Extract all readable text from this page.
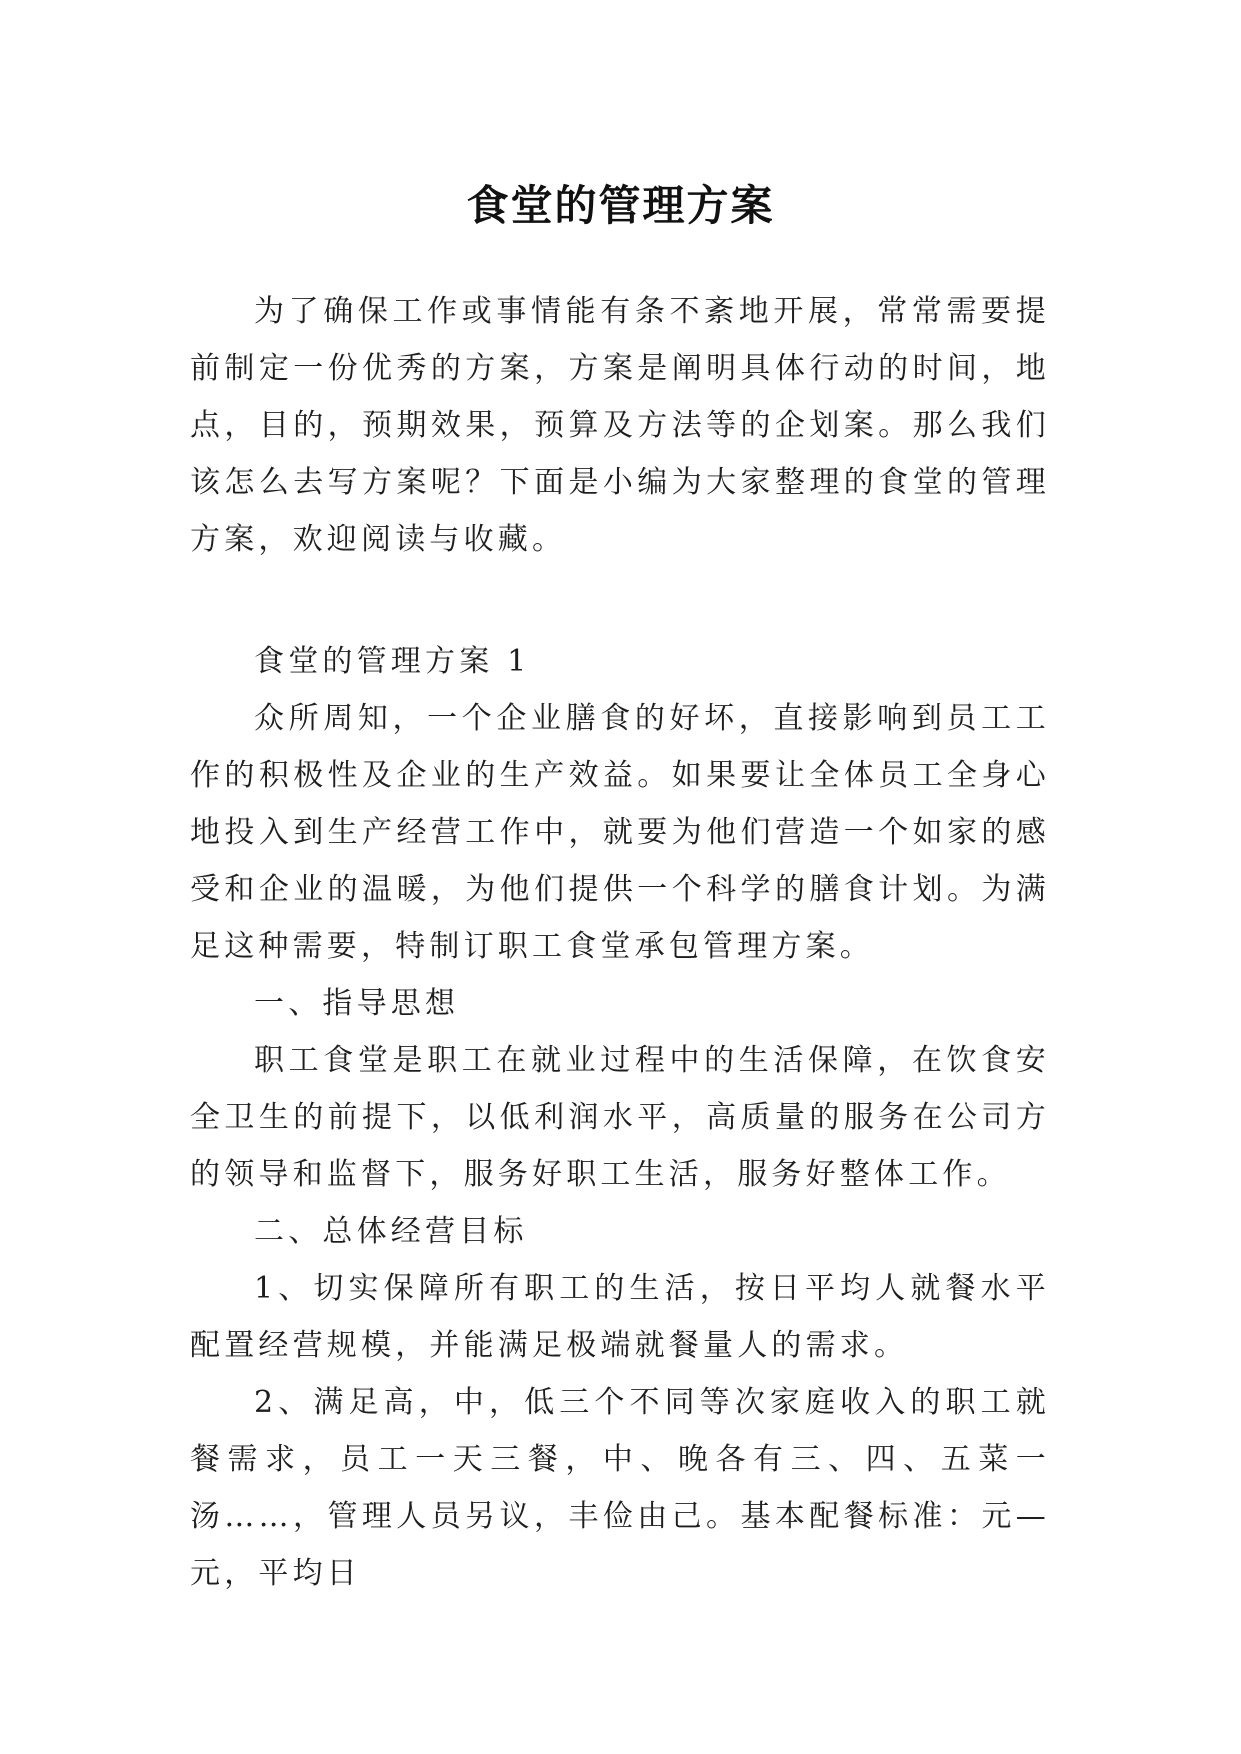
食堂的管理方案

为了确保工作或事情能有条不紊地开展，常常需要提前制定一份优秀的方案，方案是阐明具体行动的时间，地点，目的，预期效果，预算及方法等的企划案。那么我们该怎么去写方案呢？下面是小编为大家整理的食堂的管理方案，欢迎阅读与收藏。

食堂的管理方案 1

众所周知，一个企业膳食的好坏，直接影响到员工工作的积极性及企业的生产效益。如果要让全体员工全身心地投入到生产经营工作中，就要为他们营造一个如家的感受和企业的温暖，为他们提供一个科学的膳食计划。为满足这种需要，特制订职工食堂承包管理方案。

一、指导思想

职工食堂是职工在就业过程中的生活保障，在饮食安全卫生的前提下，以低利润水平，高质量的服务在公司方的领导和监督下，服务好职工生活，服务好整体工作。

二、总体经营目标

1、切实保障所有职工的生活，按日平均人就餐水平配置经营规模，并能满足极端就餐量人的需求。

2、满足高，中，低三个不同等次家庭收入的职工就餐需求，员工一天三餐，中、晚各有三、四、五菜一汤……，管理人员另议，丰俭由己。基本配餐标准：元—元，平均日
